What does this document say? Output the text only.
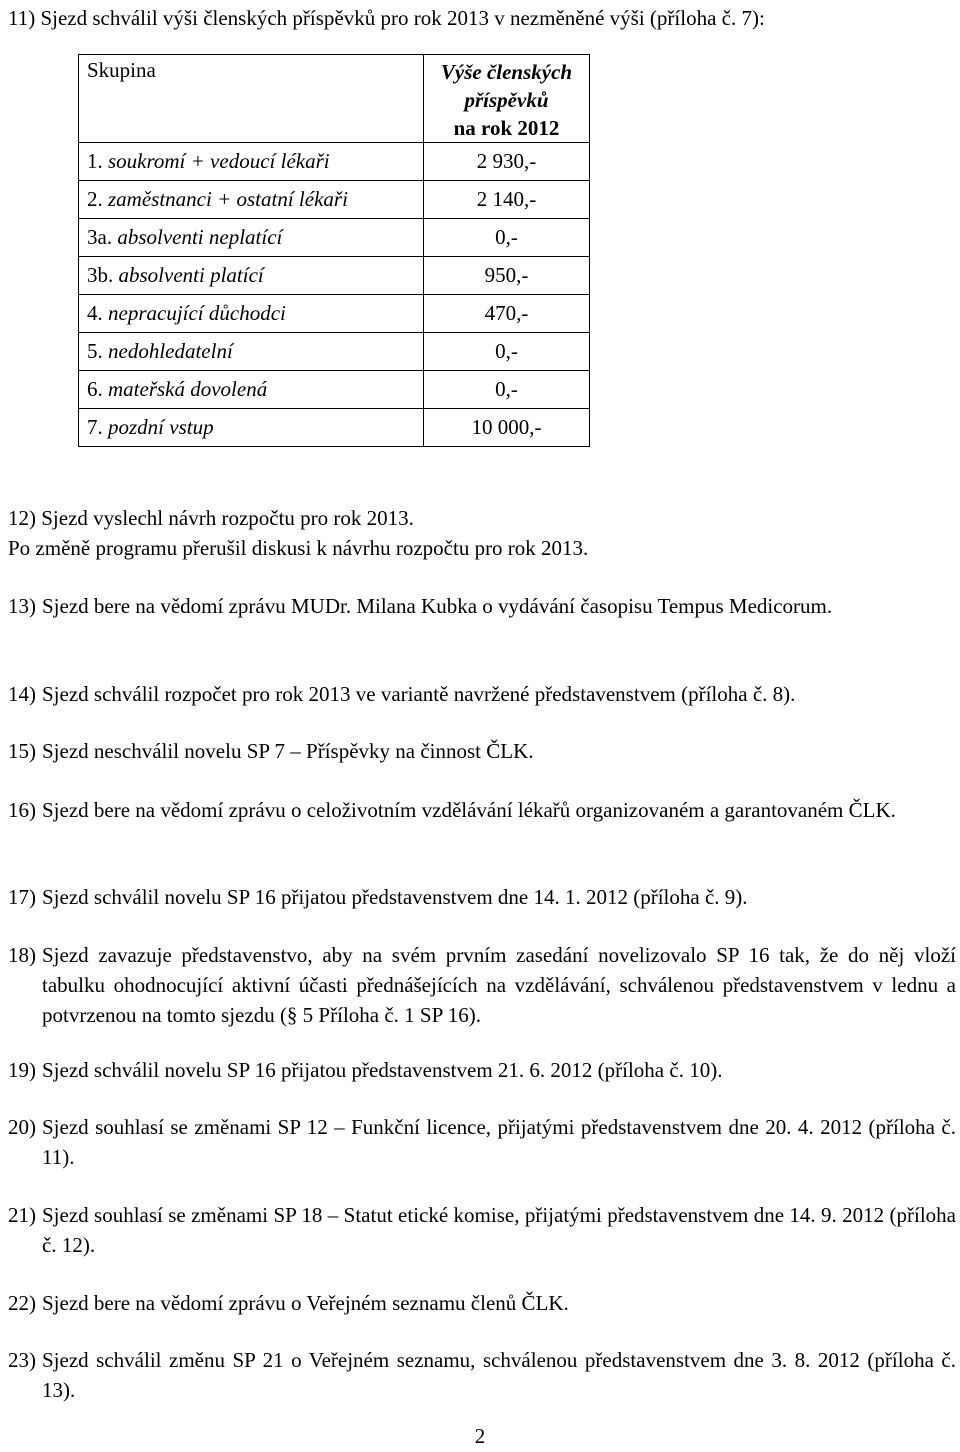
11) Sjezd schválil výši členských příspěvků pro rok 2013 v nezměněné výši (příloha č. 7):
Skupina	Výše členských
příspěvků
na rok 2012

1. soukromí + vedoucí lékaři	2 930,-
2. zaměstnanci + ostatní lékaři	2 140,-
3a. absolventi neplatící	0,-
3b. absolventi platící	950,-
4. nepracující důchodci	470,-
5. nedohledatelní	0,-
6. mateřská dovolená	0,-
7. pozdní vstup	10 000,-
12) Sjezd vyslechl návrh rozpočtu pro rok 2013.
Po změně programu přerušil diskusi k návrhu rozpočtu pro rok 2013.
13) Sjezd bere na vědomí zprávu MUDr. Milana Kubka o vydávání časopisu Tempus Medicorum.
14) Sjezd schválil rozpočet pro rok 2013 ve variantě navržené představenstvem (příloha č. 8).
15) Sjezd neschválil novelu SP 7 – Příspěvky na činnost ČLK.
16) Sjezd bere na vědomí zprávu o celoživotním vzdělávání lékařů organizovaném a garantovaném ČLK.
17) Sjezd schválil novelu SP 16 přijatou představenstvem dne 14. 1. 2012 (příloha č. 9).
18) Sjezd zavazuje představenstvo, aby na svém prvním zasedání novelizovalo SP 16 tak, že do něj vloží tabulku ohodnocující aktivní účasti přednášejících na vzdělávání, schválenou představenstvem v lednu a potvrzenou na tomto sjezdu (§ 5 Příloha č. 1 SP 16).
19) Sjezd schválil novelu SP 16 přijatou představenstvem 21. 6. 2012 (příloha č. 10).
20) Sjezd souhlasí se změnami SP 12 – Funkční licence, přijatými představenstvem dne 20. 4. 2012 (příloha č. 11).
21) Sjezd souhlasí se změnami SP 18 – Statut etické komise, přijatými představenstvem dne 14. 9. 2012 (příloha č. 12).
22) Sjezd bere na vědomí zprávu o Veřejném seznamu členů ČLK.
23) Sjezd schválil změnu SP 21 o Veřejném seznamu, schválenou představenstvem dne 3. 8. 2012 (příloha č. 13).
2
